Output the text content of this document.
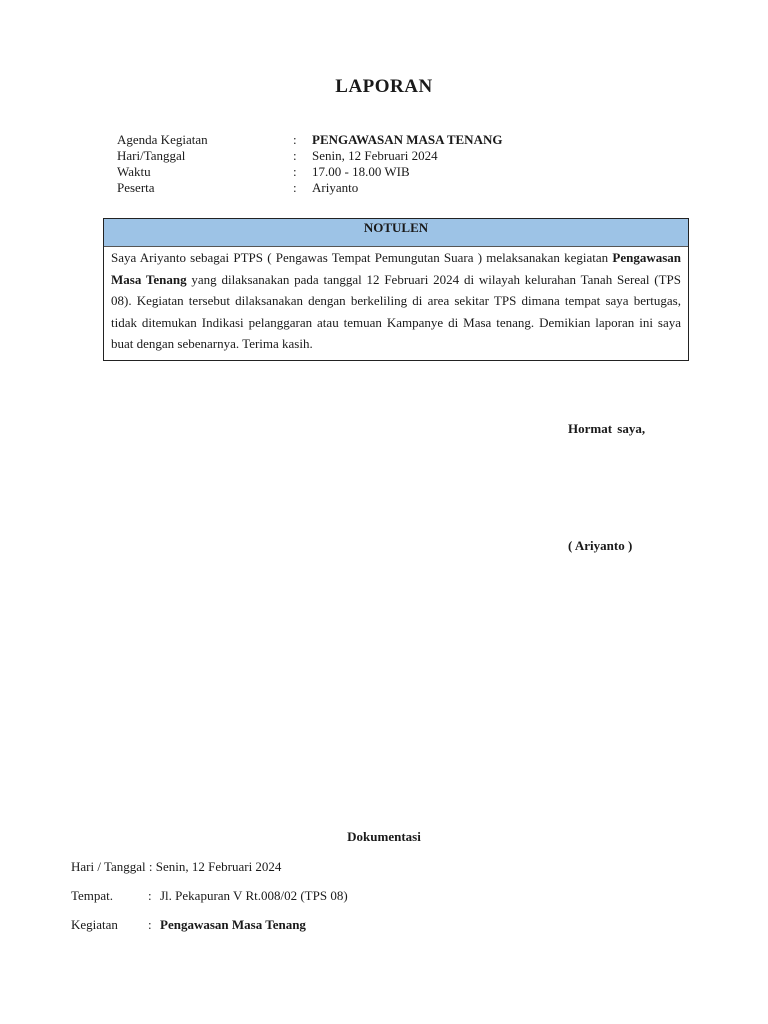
LAPORAN
Agenda Kegiatan	: PENGAWASAN MASA TENANG
Hari/Tanggal	: Senin, 12 Februari 2024
Waktu	: 17.00 - 18.00 WIB
Peserta	: Ariyanto
NOTULEN
Saya Ariyanto sebagai PTPS ( Pengawas Tempat Pemungutan Suara ) melaksanakan kegiatan Pengawasan Masa Tenang yang dilaksanakan pada tanggal 12 Februari 2024 di wilayah kelurahan Tanah Sereal (TPS 08). Kegiatan tersebut dilaksanakan dengan berkeliling di area sekitar TPS dimana tempat saya bertugas, tidak ditemukan Indikasi pelanggaran atau temuan Kampanye di Masa tenang. Demikian laporan ini saya buat dengan sebenarnya. Terima kasih.
Hormat saya,
( Ariyanto )
Dokumentasi
Hari / Tanggal : Senin, 12 Februari 2024
Tempat.	: Jl. Pekapuran V Rt.008/02 (TPS 08)
Kegiatan : Pengawasan Masa Tenang
